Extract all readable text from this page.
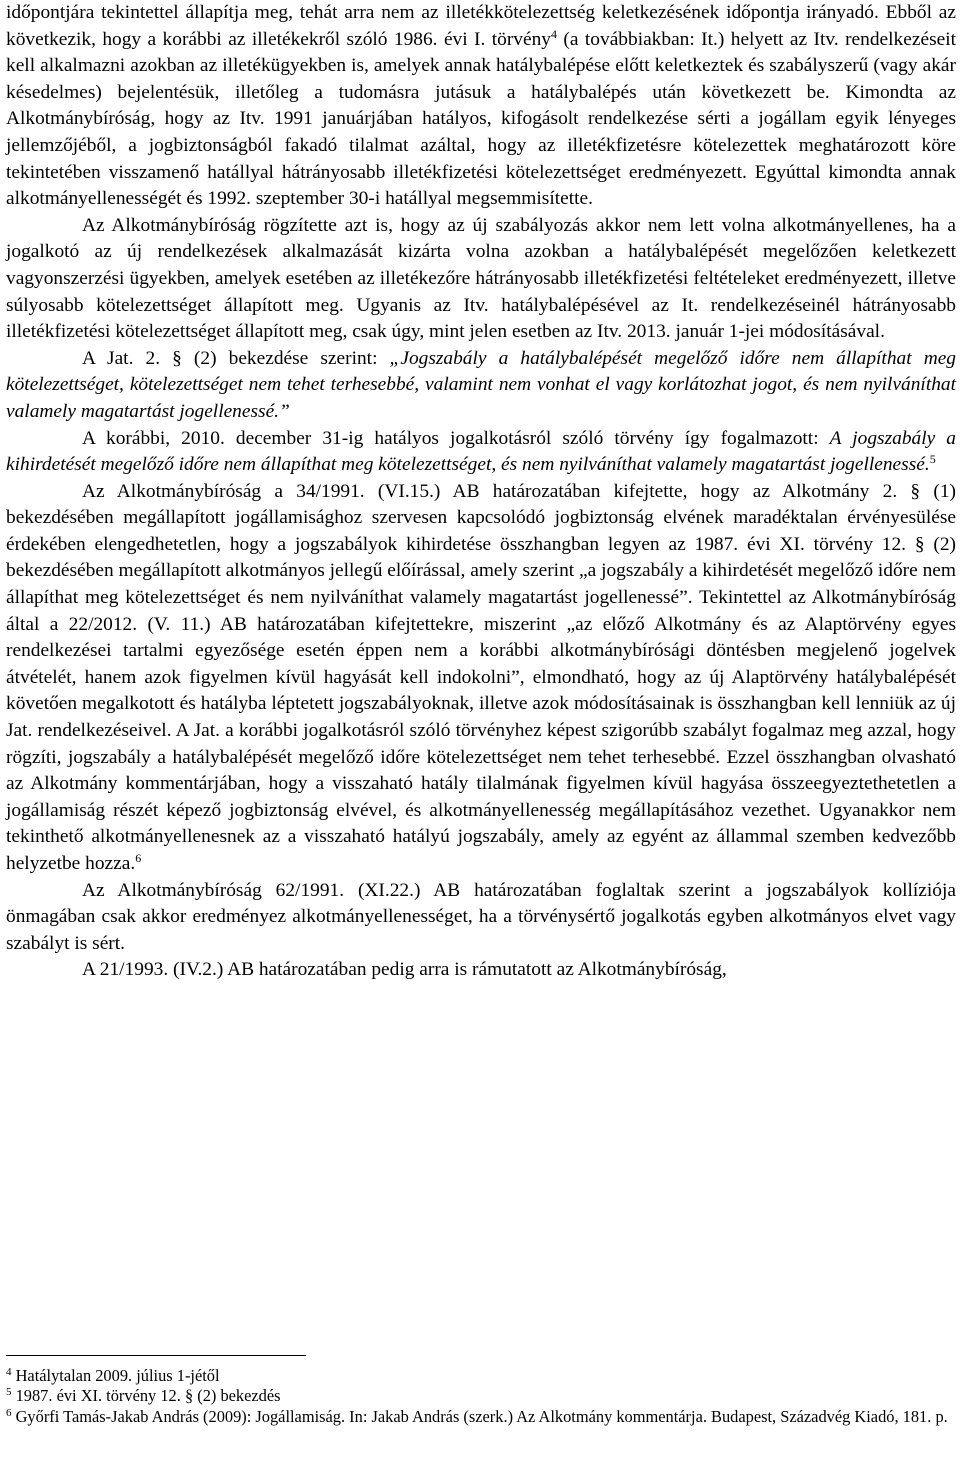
időpontjára tekintettel állapítja meg, tehát arra nem az illetékkötelezettség keletkezésének időpontja irányadó. Ebből az következik, hogy a korábbi az illetékekről szóló 1986. évi I. törvény$^4$ (a továbbiakban: It.) helyett az Itv. rendelkezéseit kell alkalmazni azokban az illetékügyekben is, amelyek annak hatálybalépése előtt keletkeztek és szabályszerű (vagy akár késedelmes) bejelentésük, illetőleg a tudomásra jutásuk a hatálybalépés után következett be. Kimondta az Alkotmánybíróság, hogy az Itv. 1991 januárjában hatályos, kifogásolt rendelkezése sérti a jogállam egyik lényeges jellemzőjéből, a jogbiztonságból fakadó tilalmat azáltal, hogy az illetékfizetésre kötelezettek meghatározott köre tekintetében visszamenő hatállyal hátrányosabb illetékfizetési kötelezettséget eredményezett. Egyúttal kimondta annak alkotmányellenességét és 1992. szeptember 30-i hatállyal megsemmisítette.

Az Alkotmánybíróság rögzítette azt is, hogy az új szabályozás akkor nem lett volna alkotmányellenes, ha a jogalkotó az új rendelkezések alkalmazását kizárta volna azokban a hatálybalépését megelőzően keletkezett vagyonszerzési ügyekben, amelyek esetében az illetékezőre hátrányosabb illetékfizetési feltételeket eredményezett, illetve súlyosabb kötelezettséget állapított meg. Ugyanis az Itv. hatálybalépésével az It. rendelkezéseinél hátrányosabb illetékfizetési kötelezettséget állapított meg, csak úgy, mint jelen esetben az Itv. 2013. január 1-jei módosításával.

A Jat. 2. § (2) bekezdése szerint: „Jogszabály a hatálybalépését megelőző időre nem állapíthat meg kötelezettséget, kötelezettséget nem tehet terhesebbé, valamint nem vonhat el vagy korlátozhat jogot, és nem nyilváníthat valamely magatartást jogellenessé.”

A korábbi, 2010. december 31-ig hatályos jogalkotásról szóló törvény így fogalmazott: A jogszabály a kihirdetését megelőző időre nem állapíthat meg kötelezettséget, és nem nyilváníthat valamely magatartást jogellenessé.$^5$

Az Alkotmánybíróság a 34/1991. (VI.15.) AB határozatában kifejtette, hogy az Alkotmány 2. § (1) bekezdésében megállapított jogállamisághoz szervesen kapcsolódó jogbiztonság elvének maradéktalan érvényesülése érdekében elengedhetetlen, hogy a jogszabályok kihirdetése összhangban legyen az 1987. évi XI. törvény 12. § (2) bekezdésében megállapított alkotmányos jellegű előírással, amely szerint „a jogszabály a kihirdetését megelőző időre nem állapíthat meg kötelezettséget és nem nyilváníthat valamely magatartást jogellenessé”. Tekintettel az Alkotmánybíróság által a 22/2012. (V. 11.) AB határozatában kifejtettekre, miszerint „az előző Alkotmány és az Alaptörvény egyes rendelkezései tartalmi egyezősége esetén éppen nem a korábbi alkotmánybírósági döntésben megjelenő jogelvek átvételét, hanem azok figyelmen kívül hagyását kell indokolni”, elmondható, hogy az új Alaptörvény hatálybalépését követően megalkotott és hatályba léptetett jogszabályoknak, illetve azok módosításainak is összhangban kell lenniük az új Jat. rendelkezéseivel. A Jat. a korábbi jogalkotásról szóló törvényhez képest szigorúbb szabályt fogalmaz meg azzal, hogy rögzíti, jogszabály a hatálybalépését megelőző időre kötelezettséget nem tehet terhesebbé. Ezzel összhangban olvasható az Alkotmány kommentárjában, hogy a visszaható hatály tilalmának figyelmen kívül hagyása összeegyeztethetetlen a jogállamiság részét képező jogbiztonság elvével, és alkotmányellenesség megállapításához vezethet. Ugyanakkor nem tekinthető alkotmányellenesnek az a visszaható hatályú jogszabály, amely az egyént az állammal szemben kedvezőbb helyzetbe hozza.$^6$

Az Alkotmánybíróság 62/1991. (XI.22.) AB határozatában foglaltak szerint a jogszabályok kollíziója önmagában csak akkor eredményez alkotmányellenességet, ha a törvénysértő jogalkotás egyben alkotmányos elvet vagy szabályt is sért.

A 21/1993. (IV.2.) AB határozatában pedig arra is rámutatott az Alkotmánybíróság,

$^4$ Hatálytalan 2009. július 1-jétől

$^5$ 1987. évi XI. törvény 12. § (2) bekezdés

$^6$ Győrfi Tamás-Jakab András (2009): Jogállamiság. In: Jakab András (szerk.) Az Alkotmány kommentárja. Budapest, Századvég Kiadó, 181. p.
